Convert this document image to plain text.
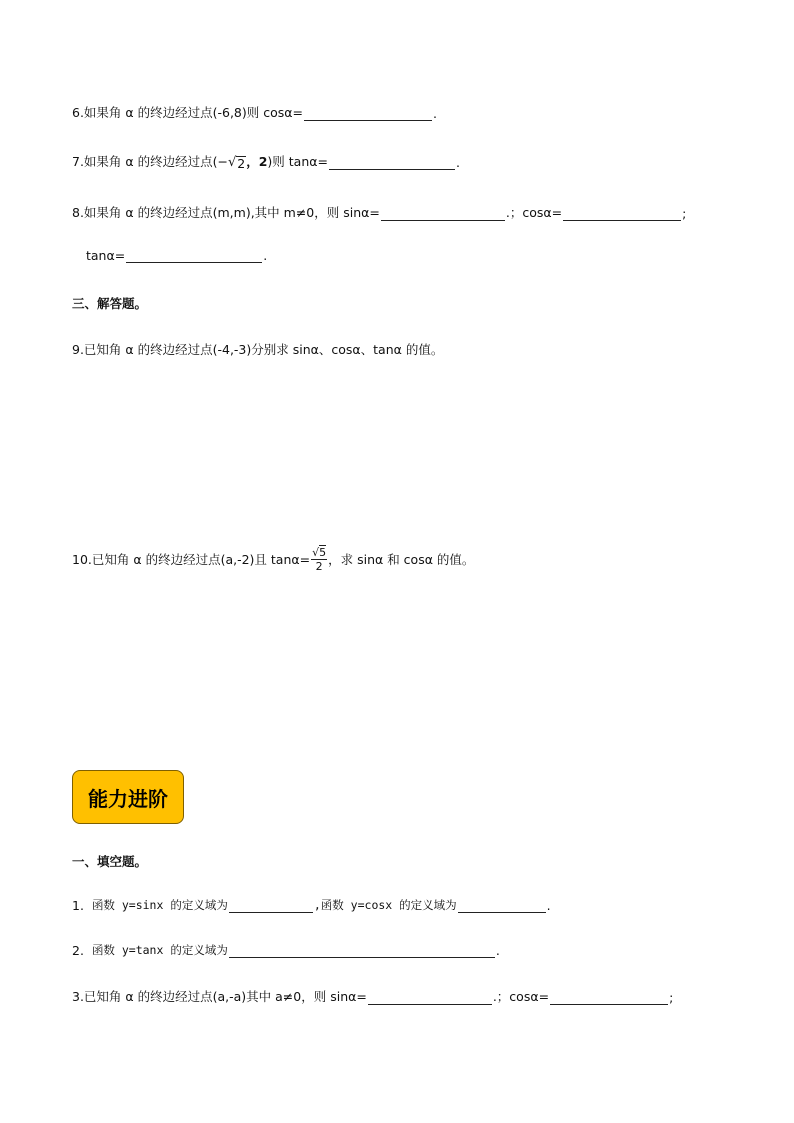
6.如果角 α 的终边经过点(-6,8)则 cosα=	.
7.如果角 α 的终边经过点(− √ 2 ，2 )则 tanα=	.
8.如果角 α 的终边经过点(m,m),其中 m≠0，则 sinα=	.；cosα=	;
tanα=	.
三、解答题。
9.已知角 α 的终边经过点(-4,-3)分别求 sinα、cosα、tanα 的值。
10.已知角 α 的终边经过点(a,-2)且 $\tan\alpha= \frac{√ 5}{2}$ ，求 sinα 和 cosα 的值。
能力进阶
一、填空题。
1. 函数 y=sinx 的定义域为	,函数 y=cosx 的定义域为	.
2. 函数 y=tanx 的定义域为	.
3.已知角 α 的终边经过点(a,-a)其中 a≠0，则 sinα=	.；cosα=	;
